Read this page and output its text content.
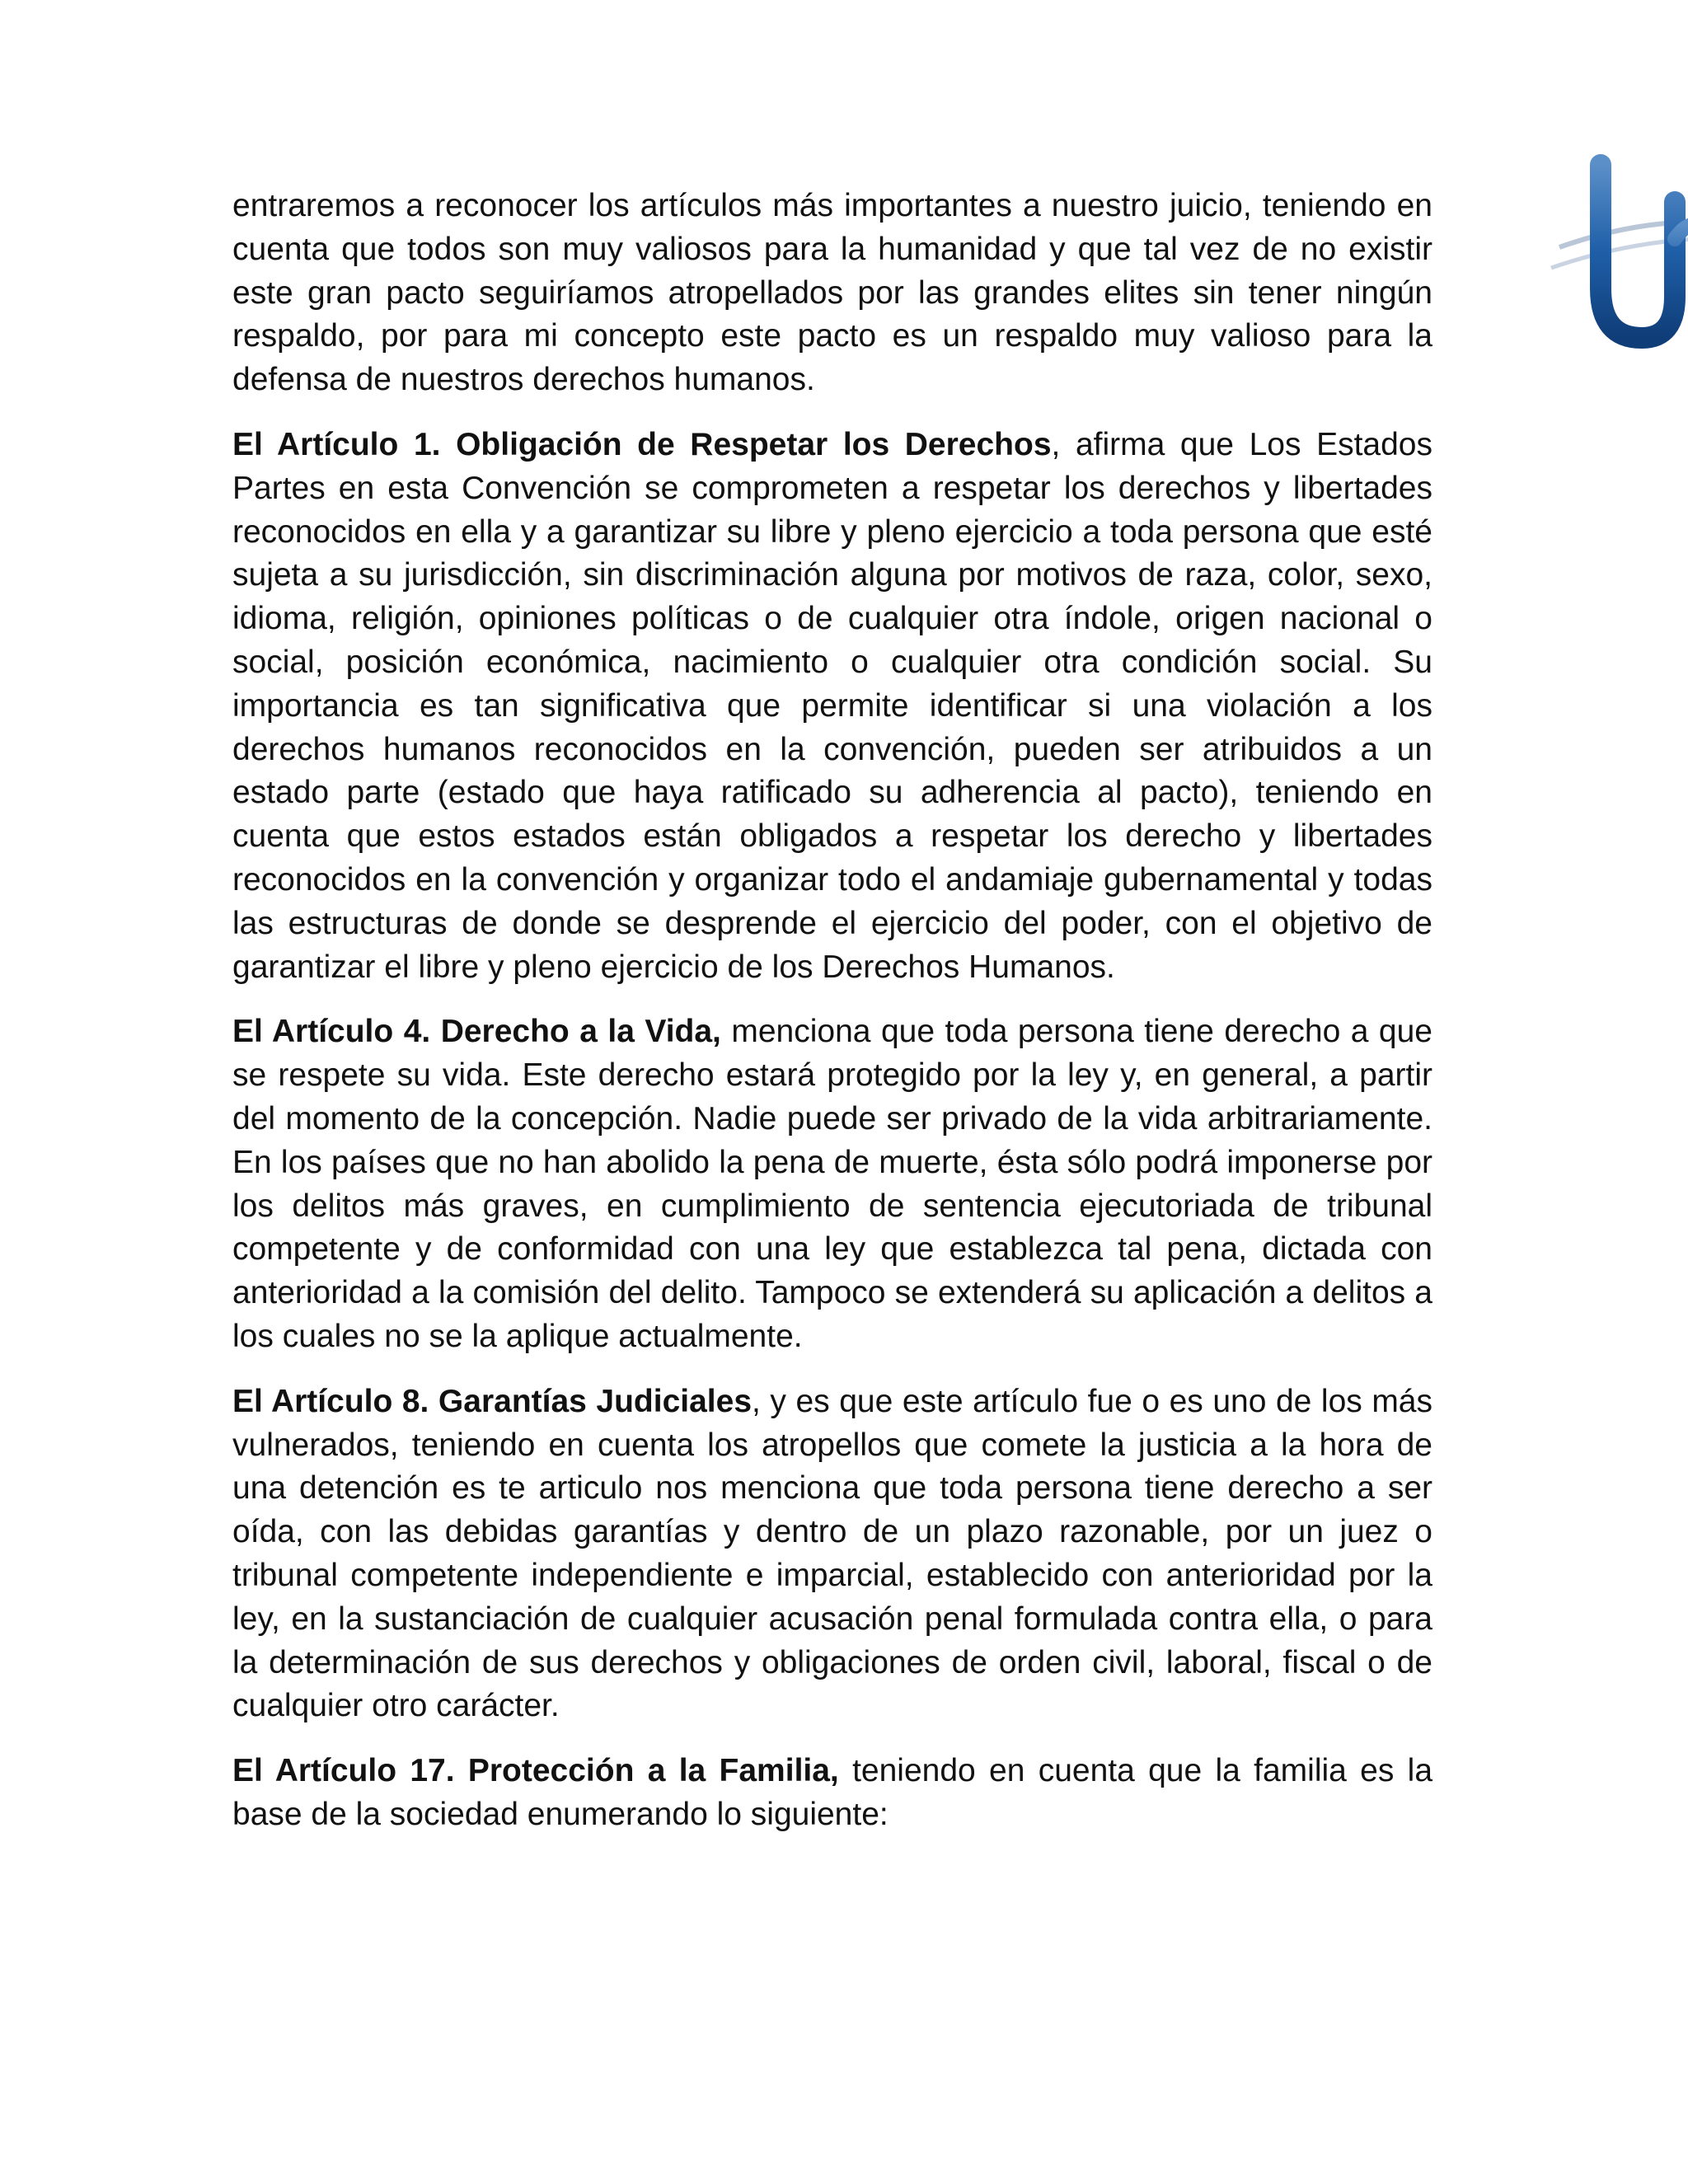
Umg

entraremos a reconocer los artículos más importantes a nuestro juicio, teniendo en cuenta que todos son muy valiosos para la humanidad y que tal vez de no existir este gran pacto seguiríamos atropellados por las grandes elites sin tener ningún respaldo, por para mi concepto este pacto es un respaldo muy valioso para la defensa de nuestros derechos humanos.

El Artículo 1. Obligación de Respetar los Derechos, afirma que Los Estados Partes en esta Convención se comprometen a respetar los derechos y libertades reconocidos en ella y a garantizar su libre y pleno ejercicio a toda persona que esté sujeta a su jurisdicción, sin discriminación alguna por motivos de raza, color, sexo, idioma, religión, opiniones políticas o de cualquier otra índole, origen nacional o social, posición económica, nacimiento o cualquier otra condición social. Su importancia es tan significativa que permite identificar si una violación a los derechos humanos reconocidos en la convención, pueden ser atribuidos a un estado parte (estado que haya ratificado su adherencia al pacto), teniendo en cuenta que estos estados están obligados a respetar los derecho y libertades reconocidos en la convención y organizar todo el andamiaje gubernamental y todas las estructuras de donde se desprende el ejercicio del poder, con el objetivo de garantizar el libre y pleno ejercicio de los Derechos Humanos.

El Artículo 4. Derecho a la Vida, menciona que toda persona tiene derecho a que se respete su vida. Este derecho estará protegido por la ley y, en general, a partir del momento de la concepción. Nadie puede ser privado de la vida arbitrariamente. En los países que no han abolido la pena de muerte, ésta sólo podrá imponerse por los delitos más graves, en cumplimiento de sentencia ejecutoriada de tribunal competente y de conformidad con una ley que establezca tal pena, dictada con anterioridad a la comisión del delito. Tampoco se extenderá su aplicación a delitos a los cuales no se la aplique actualmente.

El Artículo 8. Garantías Judiciales, y es que este artículo fue o es uno de los más vulnerados, teniendo en cuenta los atropellos que comete la justicia a la hora de una detención es te articulo nos menciona que toda persona tiene derecho a ser oída, con las debidas garantías y dentro de un plazo razonable, por un juez o tribunal competente independiente e imparcial, establecido con anterioridad por la ley, en la sustanciación de cualquier acusación penal formulada contra ella, o para la determinación de sus derechos y obligaciones de orden civil, laboral, fiscal o de cualquier otro carácter.

El Artículo 17. Protección a la Familia, teniendo en cuenta que la familia es la base de la sociedad enumerando lo siguiente:
